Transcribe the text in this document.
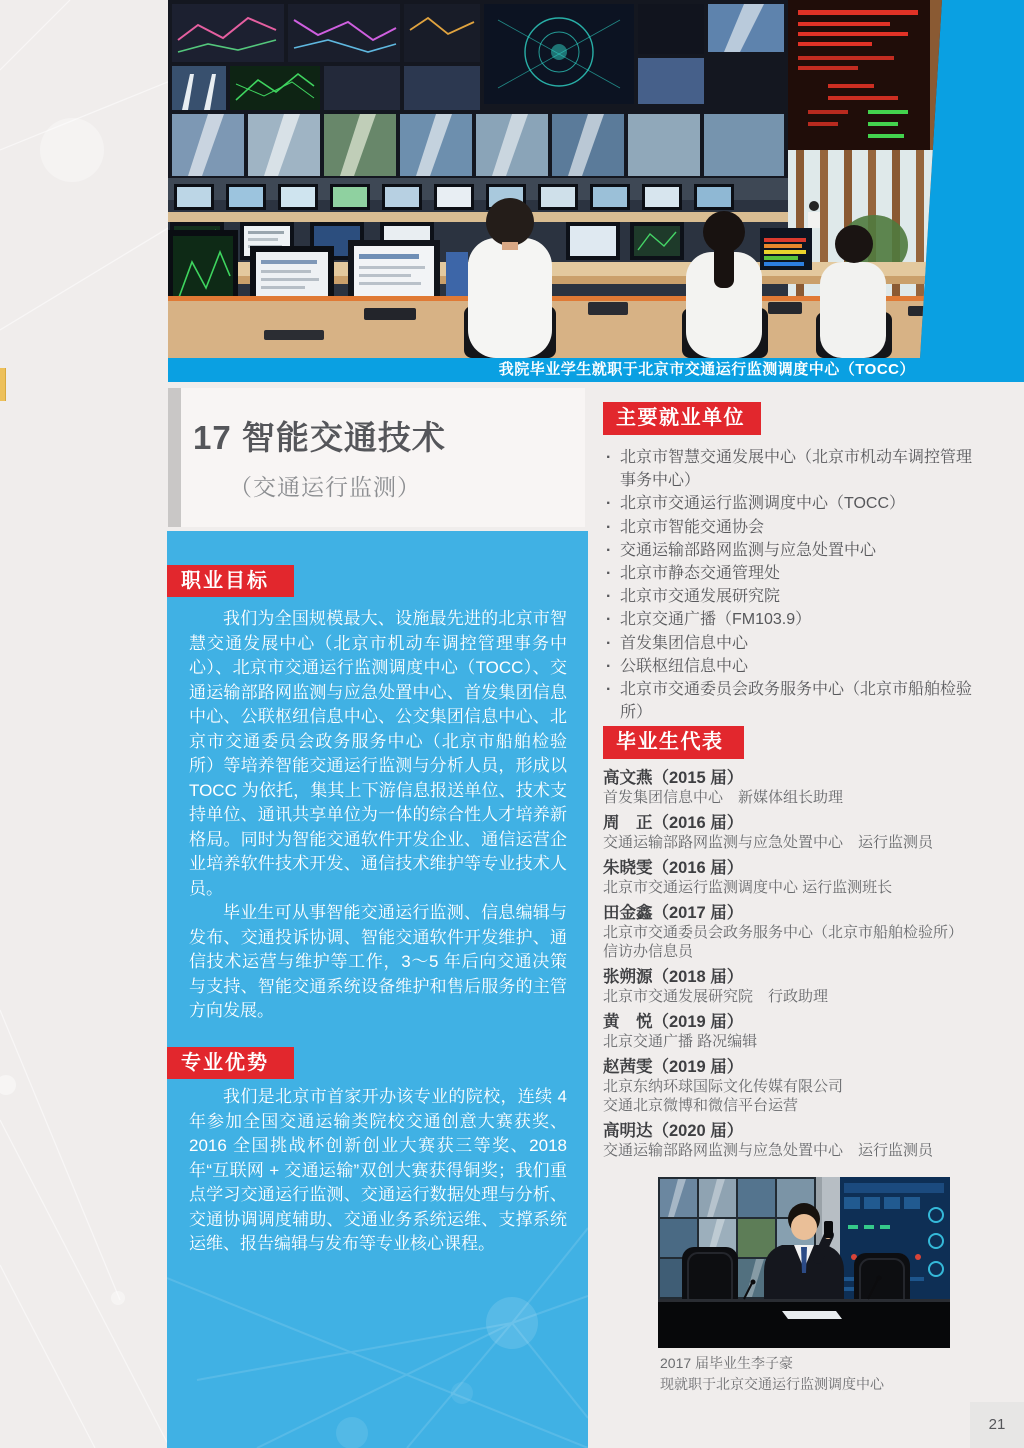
我院毕业学生就职于北京市交通运行监测调度中心（TOCC）
17 智能交通技术
（交通运行监测）
职业目标

我们为全国规模最大、设施最先进的北京市智慧交通发展中心（北京市机动车调控管理事务中心）、北京市交通运行监测调度中心（TOCC）、交通运输部路网监测与应急处置中心、首发集团信息中心、公联枢纽信息中心、公交集团信息中心、北京市交通委员会政务服务中心（北京市船舶检验所）等培养智能交通运行监测与分析人员，形成以 TOCC 为依托，集其上下游信息报送单位、技术支持单位、通讯共享单位为一体的综合性人才培养新格局。同时为智能交通软件开发企业、通信运营企业培养软件技术开发、通信技术维护等专业技术人员。

毕业生可从事智能交通运行监测、信息编辑与发布、交通投诉协调、智能交通软件开发维护、通信技术运营与维护等工作，3～5 年后向交通决策与支持、智能交通系统设备维护和售后服务的主管方向发展。

专业优势

我们是北京市首家开办该专业的院校，连续 4 年参加全国交通运输类院校交通创意大赛获奖、2016 全国挑战杯创新创业大赛获三等奖、2018 年“互联网 + 交通运输”双创大赛获得铜奖；我们重点学习交通运行监测、交通运行数据处理与分析、交通协调调度辅助、交通业务系统运维、支撑系统运维、报告编辑与发布等专业核心课程。

主要就业单位
· 北京市智慧交通发展中心（北京市机动车调控管理事务中心）
· 北京市交通运行监测调度中心（TOCC）
· 北京市智能交通协会
· 交通运输部路网监测与应急处置中心
· 北京市静态交通管理处
· 北京市交通发展研究院
· 北京交通广播（FM103.9）
· 首发集团信息中心
· 公联枢纽信息中心
· 北京市交通委员会政务服务中心（北京市船舶检验所）
毕业生代表
高文燕（2015 届）
首发集团信息中心　新媒体组长助理
周　正（2016 届）
交通运输部路网监测与应急处置中心　运行监测员
朱晓雯（2016 届）
北京市交通运行监测调度中心 运行监测班长
田金鑫（2017 届）
北京市交通委员会政务服务中心（北京市船舶检验所）
信访办信息员
张朔源（2018 届）
北京市交通发展研究院　行政助理
黄　悦（2019 届）
北京交通广播 路况编辑
赵茜雯（2019 届）
北京东纳环球国际文化传媒有限公司
交通北京微博和微信平台运营
高明达（2020 届）
交通运输部路网监测与应急处置中心　运行监测员
2017 届毕业生李子豪
现就职于北京交通运行监测调度中心
21
